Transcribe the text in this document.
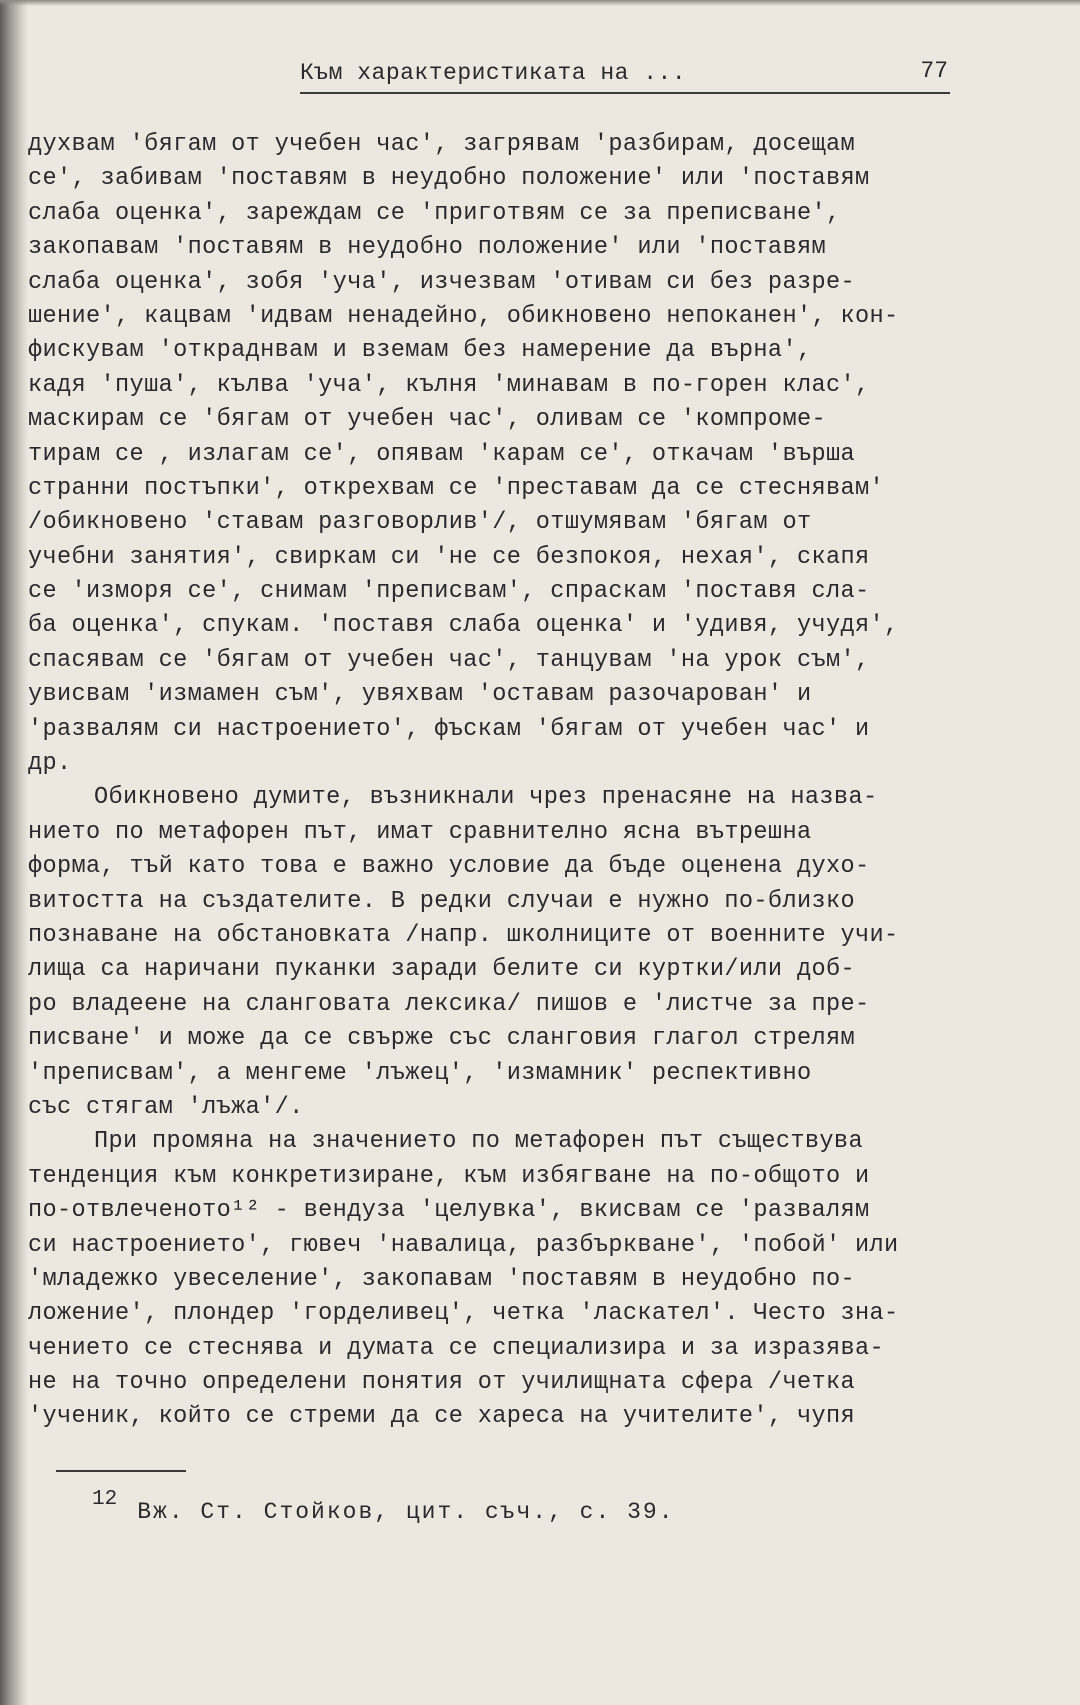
Към характеристиката на ...	77
духвам 'бягам от учебен час', загрявам 'разбирам, досещам
се', забивам 'поставям в неудобно положение' или 'поставям
слаба оценка', зареждам се 'приготвям се за преписване',
закопавам 'поставям в неудобно положение' или 'поставям
слаба оценка', зобя 'уча', изчезвам 'отивам си без разре-
шение', кацвам 'идвам ненадейно, обикновено непоканен', кон-
фискувам 'откраднвам и вземам без намерение да върна',
кадя 'пуша', кълва 'уча', кълня 'минавам в по-горен клас',
маскирам се 'бягам от учебен час', оливам се 'компроме-
тирам се , излагам се', опявам 'карам се', откачам 'върша
странни постъпки', открехвам се 'преставам да се стеснявам'
/обикновено 'ставам разговорлив'/, отшумявам 'бягам от
учебни занятия', свиркам си 'не се безпокоя, нехая', скапя
се 'изморя се', снимам 'преписвам', спраскам 'поставя сла-
ба оценка', спукам. 'поставя слаба оценка' и 'удивя, учудя',
спасявам се 'бягам от учебен час', танцувам 'на урок съм',
увисвам 'измамен съм', увяхвам 'оставам разочарован' и
'развалям си настроението', фъскам 'бягам от учебен час' и
др.
Обикновено думите, възникнали чрез пренасяне на назва-
нието по метафорен път, имат сравнително ясна вътрешна
форма, тъй като това е важно условие да бъде оценена духо-
витостта на създателите. В редки случаи е нужно по-близко
познаване на обстановката /напр. школниците от военните учи-
лища са наричани пуканки заради белите си куртки/или доб-
ро владеене на сланговата лексика/ пишов е 'листче за пре-
писване' и може да се свърже със сланговия глагол стрелям
'преписвам', а менгеме 'лъжец', 'измамник' респективно
със стягам 'лъжа'/.
При промяна на значението по метафорен път съществува
тенденция към конкретизиране, към избягване на по-общото и
по-отвлеченото¹² - вендуза 'целувка', вкисвам се 'развалям
си настроението', гювеч 'навалица, разбъркване', 'побой' или
'младежко увеселение', закопавам 'поставям в неудобно по-
ложение', плондер 'горделивец', четка 'ласкател'. Често зна-
чението се стеснява и думата се специализира и за изразява-
не на точно определени понятия от училищната сфера /четка
'ученик, който се стреми да се хареса на учителите', чупя
12 Вж. Ст. Стойков, цит. съч., с. 39.
